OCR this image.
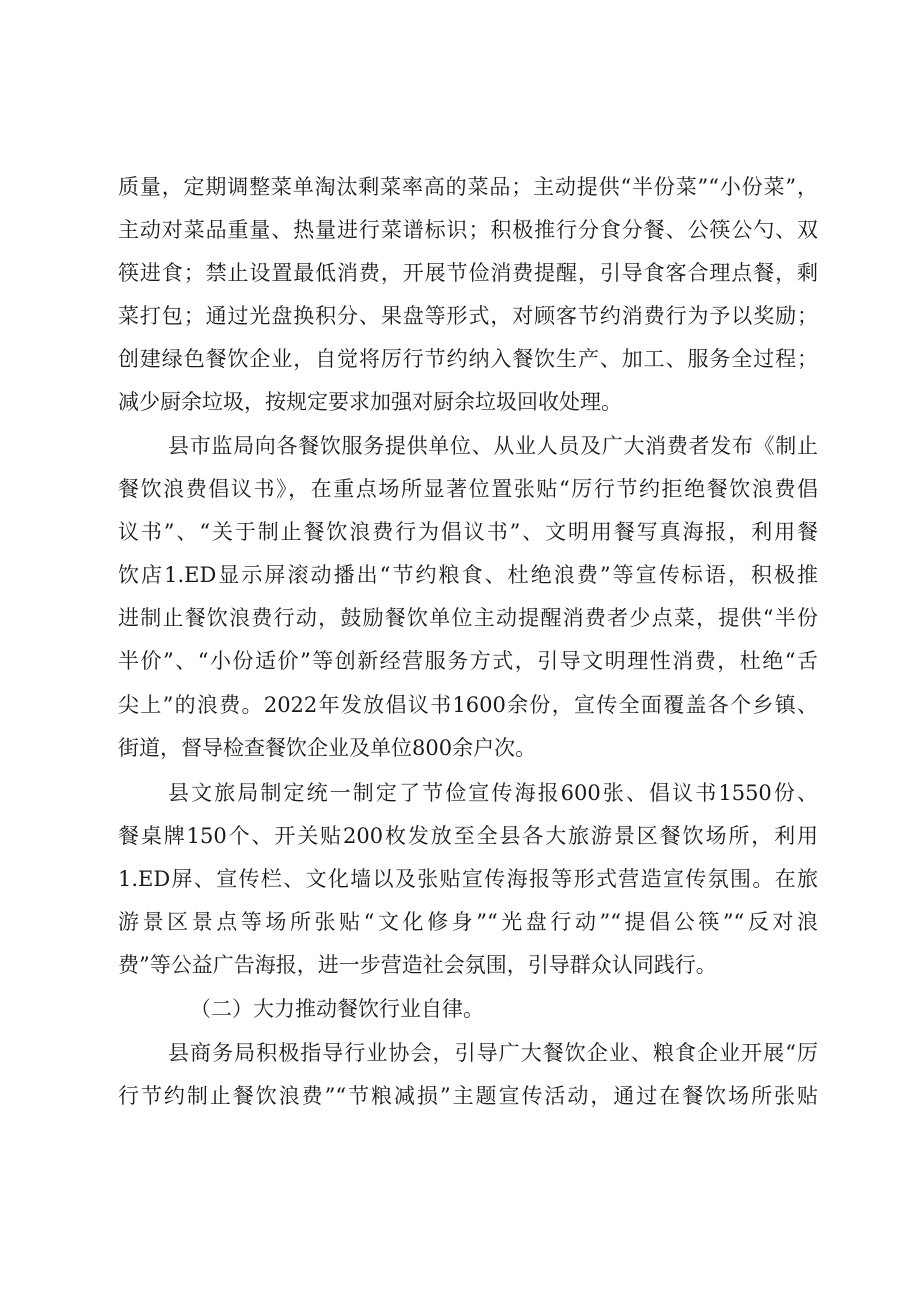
质量，定期调整菜单淘汰剩菜率高的菜品；主动提供“半份菜”“小份菜”，
主动对菜品重量、热量进行菜谱标识；积极推行分食分餐、公筷公勺、双
筷进食；禁止设置最低消费，开展节俭消费提醒，引导食客合理点餐，剩
菜打包；通过光盘换积分、果盘等形式，对顾客节约消费行为予以奖励；
创建绿色餐饮企业，自觉将厉行节约纳入餐饮生产、加工、服务全过程；
减少厨余垃圾，按规定要求加强对厨余垃圾回收处理。
县市监局向各餐饮服务提供单位、从业人员及广大消费者发布《制止
餐饮浪费倡议书》，在重点场所显著位置张贴“厉行节约拒绝餐饮浪费倡
议书”、“关于制止餐饮浪费行为倡议书”、文明用餐写真海报，利用餐
饮店1.ED显示屏滚动播出“节约粮食、杜绝浪费”等宣传标语，积极推
进制止餐饮浪费行动，鼓励餐饮单位主动提醒消费者少点菜，提供“半份
半价”、“小份适价”等创新经营服务方式，引导文明理性消费，杜绝“舌
尖上”的浪费。2022年发放倡议书1600余份，宣传全面覆盖各个乡镇、
街道，督导检查餐饮企业及单位800余户次。
县文旅局制定统一制定了节俭宣传海报600张、倡议书1550份、
餐桌牌150个、开关贴200枚发放至全县各大旅游景区餐饮场所，利用
1.ED屏、宣传栏、文化墙以及张贴宣传海报等形式营造宣传氛围。在旅
游景区景点等场所张贴“文化修身”“光盘行动”“提倡公筷”“反对浪
费”等公益广告海报，进一步营造社会氛围，引导群众认同践行。
（二）大力推动餐饮行业自律。
县商务局积极指导行业协会，引导广大餐饮企业、粮食企业开展“厉
行节约制止餐饮浪费”“节粮减损”主题宣传活动，通过在餐饮场所张贴
